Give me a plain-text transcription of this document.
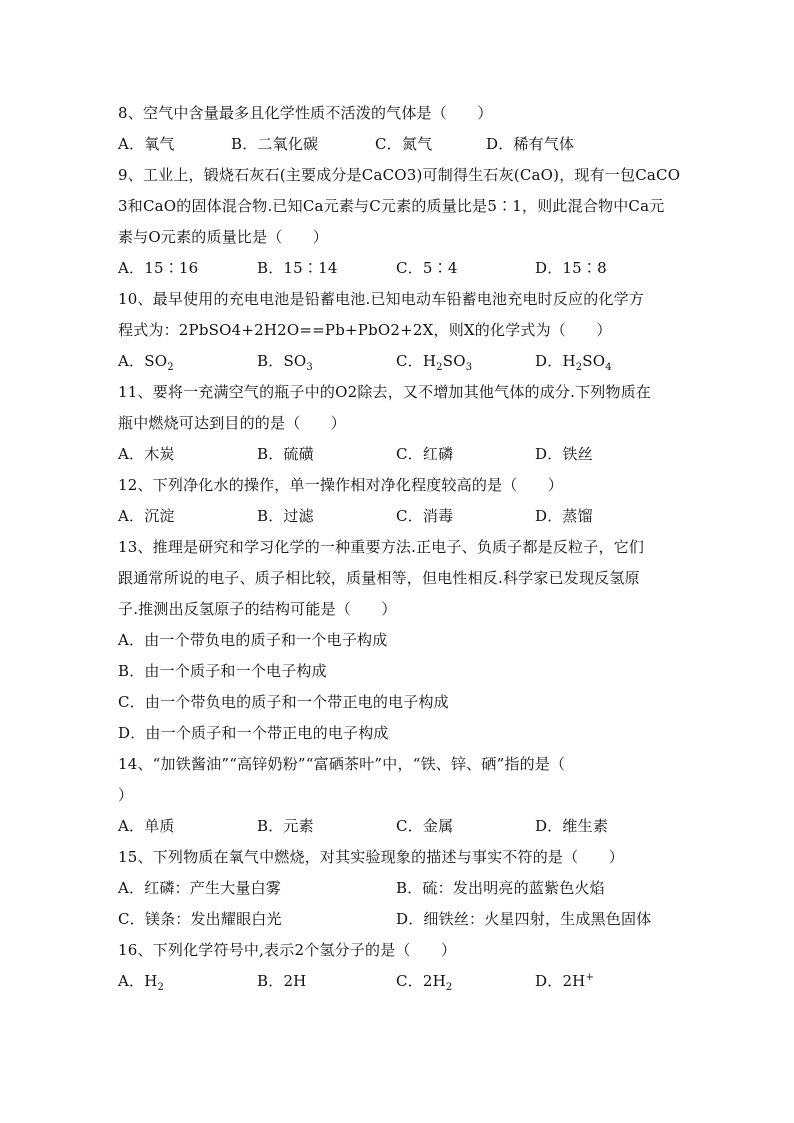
8、空气中含量最多且化学性质不活泼的气体是（　　）
A．氧气	B．二氧化碳	C．氮气	D．稀有气体
9、工业上，锻烧石灰石(主要成分是CaCO3)可制得生石灰(CaO)，现有一包CaCO
3和CaO的固体混合物.已知Ca元素与C元素的质量比是5∶1，则此混合物中Ca元
素与O元素的质量比是（　　）
A．15∶16	B．15∶14	C．5∶4	D．15∶8
10、最早使用的充电电池是铅蓄电池.已知电动车铅蓄电池充电时反应的化学方
程式为：2PbSO4+2H2O==Pb+PbO2+2X，则X的化学式为（　　）
A．$SO_2$	B．$SO_3$	C．$H_2SO_3$	D．$H_2SO_4$
11、要将一充满空气的瓶子中的O2除去，又不增加其他气体的成分.下列物质在
瓶中燃烧可达到目的的是（　　）
A．木炭	B．硫磺	C．红磷	D．铁丝
12、下列净化水的操作，单一操作相对净化程度较高的是（　　）
A．沉淀	B．过滤	C．消毒	D．蒸馏
13、推理是研究和学习化学的一种重要方法.正电子、负质子都是反粒子，它们
跟通常所说的电子、质子相比较，质量相等，但电性相反.科学家已发现反氢原
子.推测出反氢原子的结构可能是（　　）
A．由一个带负电的质子和一个电子构成
B．由一个质子和一个电子构成
C．由一个带负电的质子和一个带正电的电子构成
D．由一个质子和一个带正电的电子构成
14、“加铁酱油”“高锌奶粉”“富硒茶叶”中，“铁、锌、硒”指的是（
）
A．单质	B．元素	C．金属	D．维生素
15、下列物质在氧气中燃烧，对其实验现象的描述与事实不符的是（　　）
A．红磷：产生大量白雾	B．硫：发出明亮的蓝紫色火焰
C．镁条：发出耀眼白光	D．细铁丝：火星四射，生成黑色固体
16、下列化学符号中,表示2个氢分子的是（　　）
A．$H_2$	B．2H	C．$2H_2$	D．2H+
